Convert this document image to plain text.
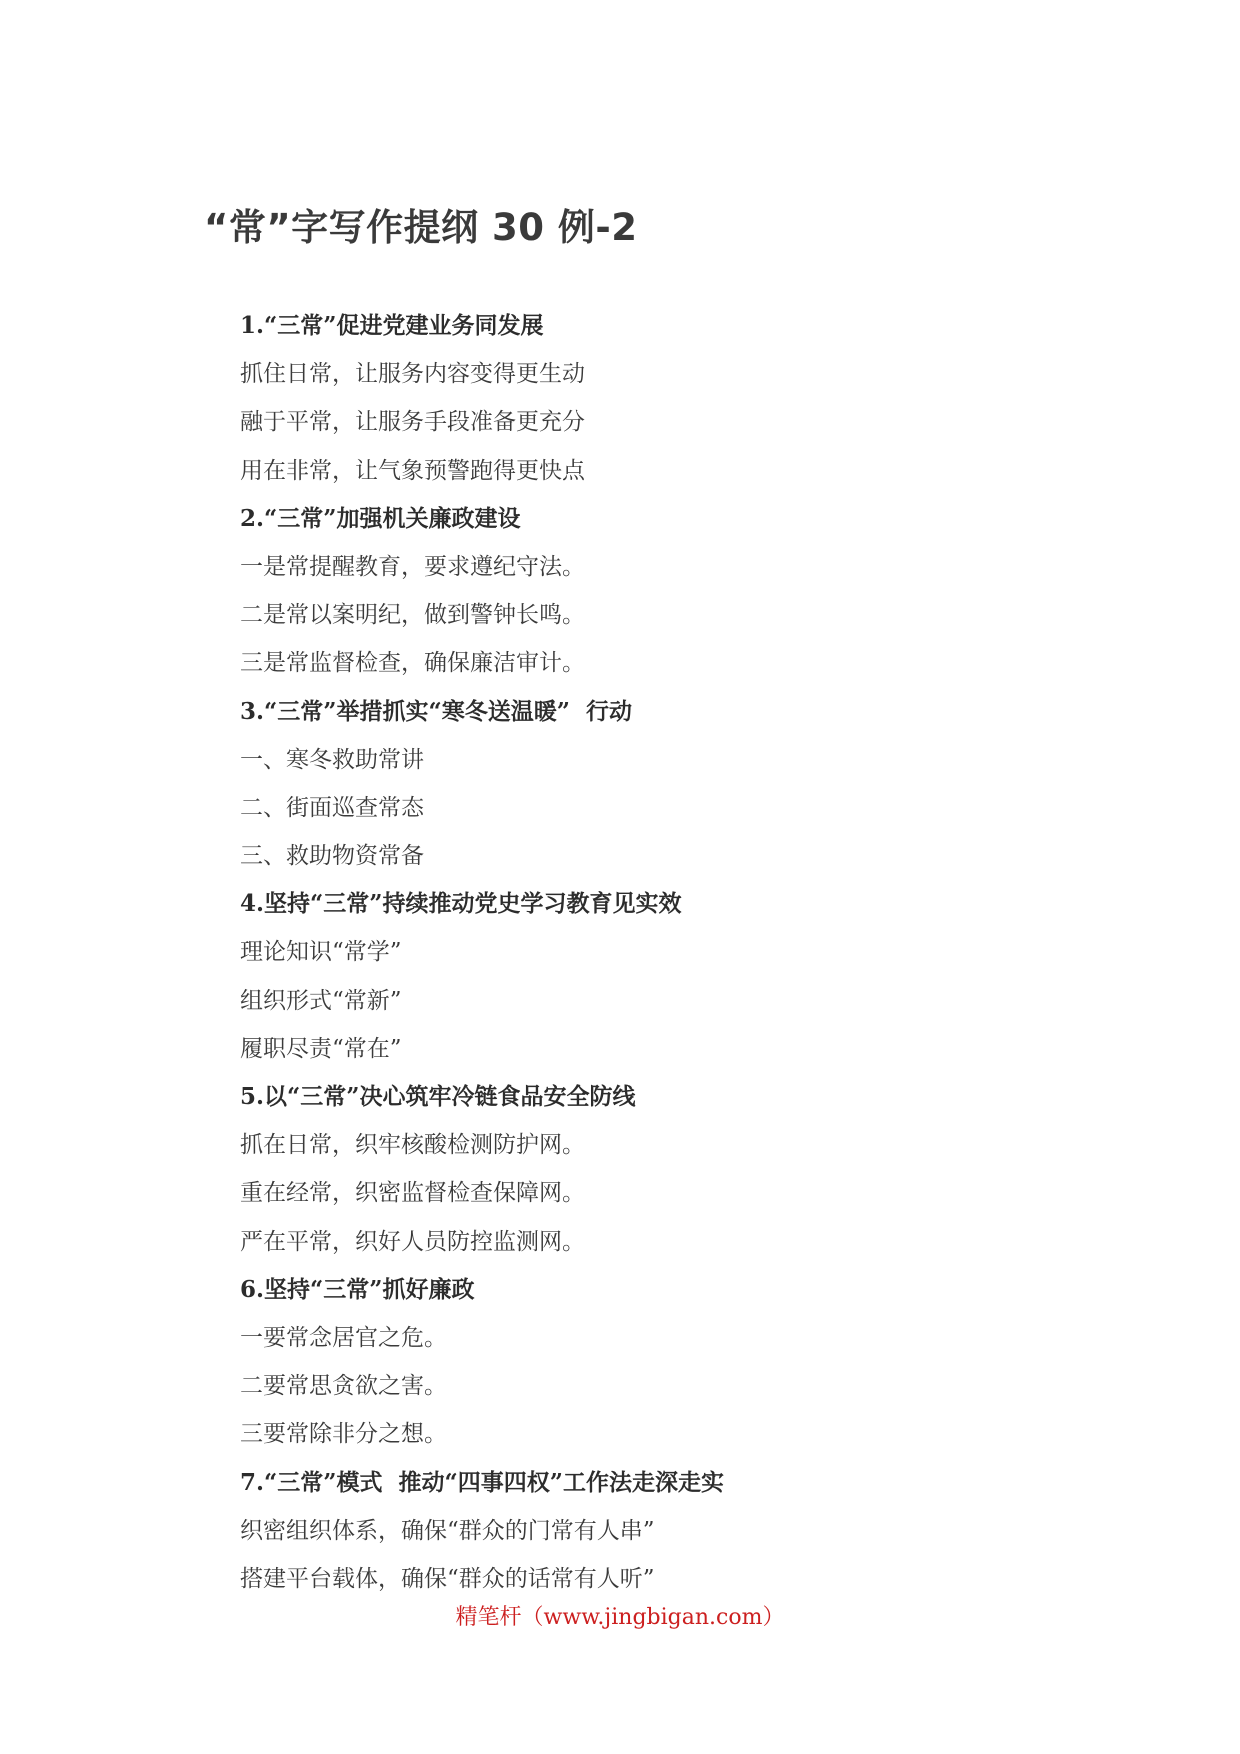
“常”字写作提纲 30 例-2

1.“三常”促进党建业务同发展

抓住日常，让服务内容变得更生动

融于平常，让服务手段准备更充分

用在非常，让气象预警跑得更快点

2.“三常”加强机关廉政建设

一是常提醒教育，要求遵纪守法。

二是常以案明纪，做到警钟长鸣。

三是常监督检查，确保廉洁审计。

3.“三常”举措抓实“寒冬送温暖”  行动

一、寒冬救助常讲

二、街面巡查常态

三、救助物资常备

4.坚持“三常”持续推动党史学习教育见实效

理论知识“常学”

组织形式“常新”

履职尽责“常在”

5.以“三常”决心筑牢冷链食品安全防线

抓在日常，织牢核酸检测防护网。

重在经常，织密监督检查保障网。

严在平常，织好人员防控监测网。

6.坚持“三常”抓好廉政

一要常念居官之危。

二要常思贪欲之害。

三要常除非分之想。

7.“三常”模式  推动“四事四权”工作法走深走实

织密组织体系，确保“群众的门常有人串”

搭建平台载体，确保“群众的话常有人听”

精笔杆（www.jingbigan.com）
